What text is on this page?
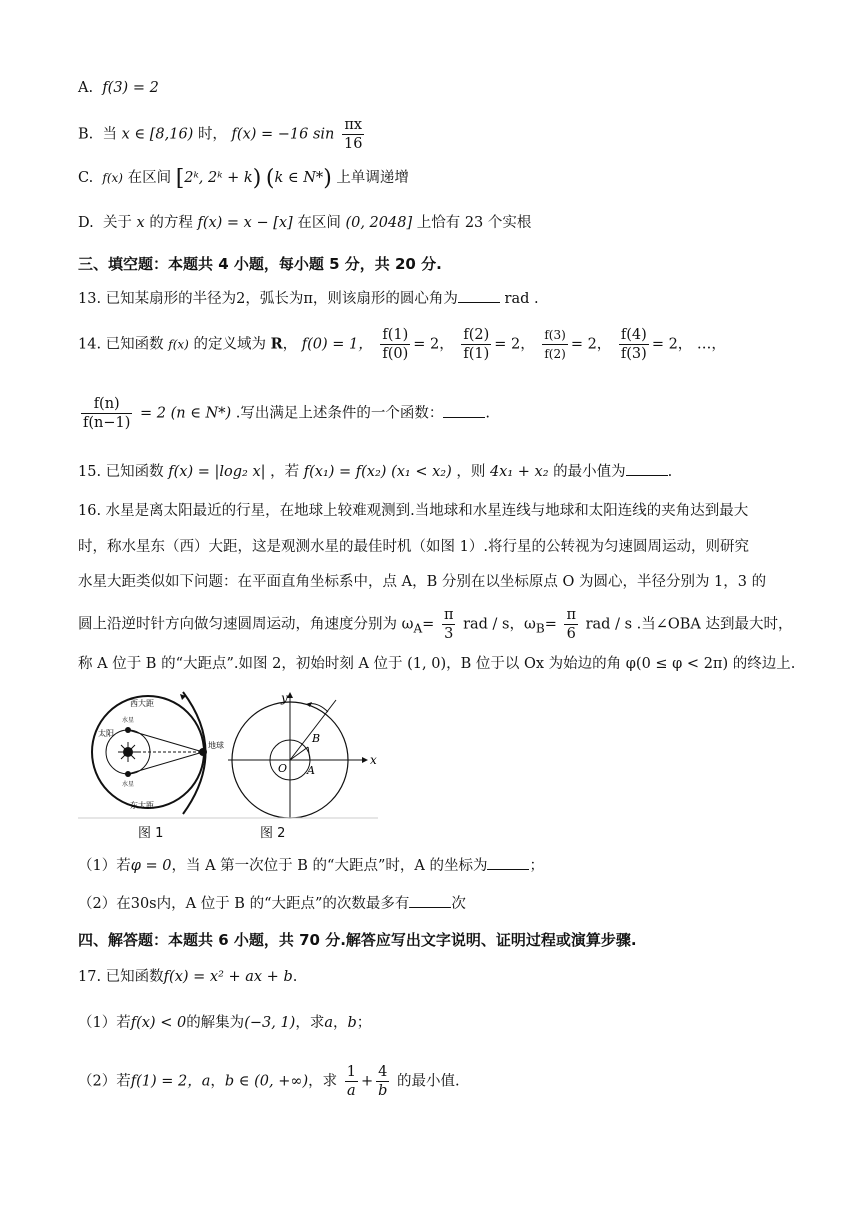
A. f(3) = 2
B. 当 x ∈ [8,16) 时， f(x) = −16 $\sin \frac{\pi x}{16}$
C. f(x) 在区间 [2ᵏ, 2ᵏ + k) (k ∈ N*) 上单调递增
D. 关于 x 的方程 f(x) = x − [x] 在区间 (0, 2048] 上恰有 23 个实根
三、填空题：本题共 4 小题，每小题 5 分，共 20 分.
13. 已知某扇形的半径为2，弧长为π，则该扇形的圆心角为	rad .
14. 已知函数 f(x) 的定义域为 R， f(0) = 1， $\frac{f(1)}{f(0)} = 2$， $\frac{f(2)}{f(1)} = 2$， $\frac{f(3)}{f(2)} = 2$， $\frac{f(4)}{f(3)} = 2$， …，
$\frac{f(n)}{f(n-1)} = 2$ (n ∈ N*) .写出满足上述条件的一个函数：	.
15. 已知函数 f(x) = |log₂ x| ，若 f(x₁) = f(x₂) (x₁ < x₂) ，则 4x₁ + x₂ 的最小值为	.
16. 水星是离太阳最近的行星，在地球上较难观测到.当地球和水星连线与地球和太阳连线的夹角达到最大
时，称水星东（西）大距，这是观测水星的最佳时机（如图 1）.将行星的公转视为匀速圆周运动，则研究
水星大距类似如下问题：在平面直角坐标系中，点 A，B 分别在以坐标原点 O 为圆心，半径分别为 1，3 的
圆上沿逆时针方向做匀速圆周运动，角速度分别为 $\omega_A= \frac{\pi}{3}$ rad / s，$\omega_B= \frac{\pi}{6}$ rad / s .当∠OBA 达到最大时，
称 A 位于 B 的“大距点”.如图 2，初始时刻 A 位于 (1, 0)，B 位于以 Ox 为始边的角 φ(0 ≤ φ < 2π) 的终边上.
西大距
东大距
太阳
地球
水星
水星
x
y
O A
B
图 1	图 2
（1）若φ = 0，当 A 第一次位于 B 的“大距点”时，A 的坐标为	；
（2）在30s内，A 位于 B 的“大距点”的次数最多有	次
四、解答题：本题共 6 小题，共 70 分.解答应写出文字说明、证明过程或演算步骤.
17. 已知函数f(x) = x² + ax + b.
（1）若f(x) < 0的解集为(−3, 1)，求a，b；
（2）若f(1) = 2，a，b ∈ (0, +∞)，求 $\frac{1}{a} + \frac{4}{b}$ 的最小值.
